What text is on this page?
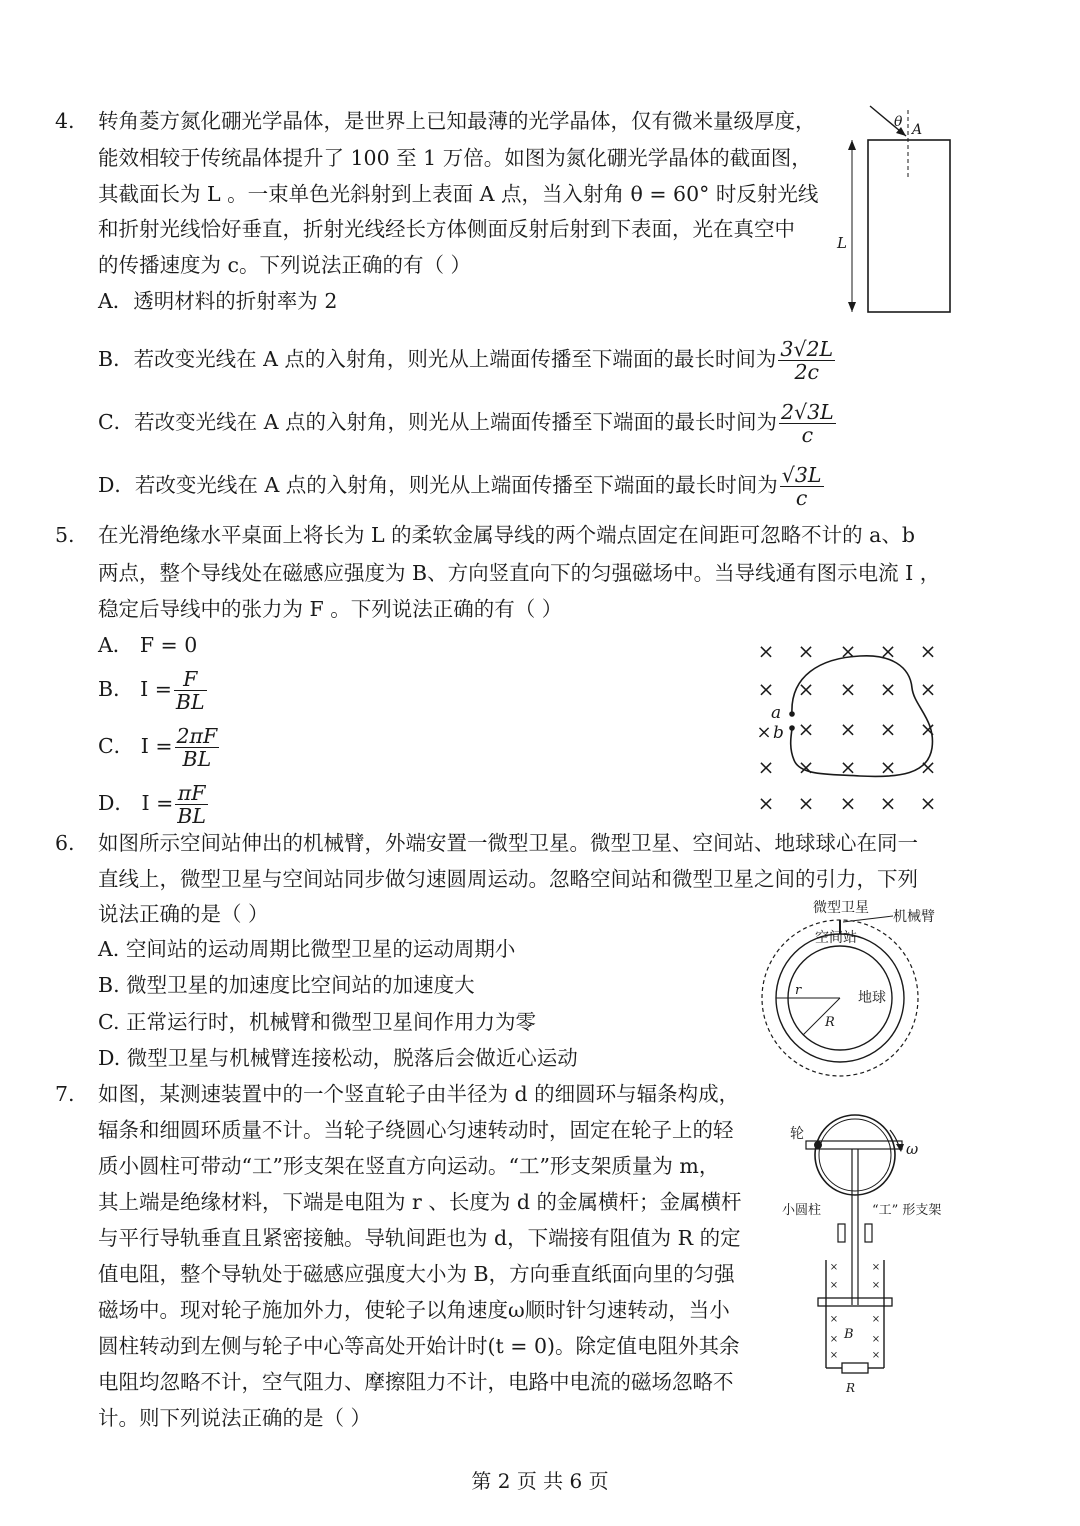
4. 转角菱方氮化硼光学晶体，是世界上已知最薄的光学晶体，仅有微米量级厚度，
能效相较于传统晶体提升了 100 至 1 万倍。如图为氮化硼光学晶体的截面图，
其截面长为 L 。一束单色光斜射到上表面 A 点，当入射角 θ = 60° 时反射光线
和折射光线恰好垂直，折射光线经长方体侧面反射后射到下表面，光在真空中
的传播速度为 c。下列说法正确的有（ ）
A．透明材料的折射率为 2
B．若改变光线在 A 点的入射角，则光从上端面传播至下端面的最长时间为 $\frac{3√2L}{2c}$
C．若改变光线在 A 点的入射角，则光从上端面传播至下端面的最长时间为 $\frac{2√3L}{c}$
D．若改变光线在 A 点的入射角，则光从上端面传播至下端面的最长时间为 $\frac{√3L}{c}$
θ A
L
5. 在光滑绝缘水平桌面上将长为 L 的柔软金属导线的两个端点固定在间距可忽略不计的 a、b
两点，整个导线处在磁感应强度为 B、方向竖直向下的匀强磁场中。当导线通有图示电流 I ，
稳定后导线中的张力为 F 。下列说法正确的有（ ）
A． F = 0
B． $I = \frac{F}{BL}$
C． $I = \frac{2\pi F}{BL}$
D． $I = \frac{\pi F}{BL}$
× × × × ×
× × × × ×
× × × ×
× × × × ×
× × × × ×
×
a
b
6. 如图所示空间站伸出的机械臂，外端安置一微型卫星。微型卫星、空间站、地球球心在同一
直线上，微型卫星与空间站同步做匀速圆周运动。忽略空间站和微型卫星之间的引力，下列
说法正确的是（ ）
A. 空间站的运动周期比微型卫星的运动周期小
B. 微型卫星的加速度比空间站的加速度大
C. 正常运行时，机械臂和微型卫星间作用力为零
D. 微型卫星与机械臂连接松动，脱落后会做近心运动
微型卫星
机械臂
空间站
地球
r
R
7. 如图，某测速装置中的一个竖直轮子由半径为 d 的细圆环与辐条构成，
辐条和细圆环质量不计。当轮子绕圆心匀速转动时，固定在轮子上的轻
质小圆柱可带动“工”形支架在竖直方向运动。“工”形支架质量为 m，
其上端是绝缘材料，下端是电阻为 r 、长度为 d 的金属横杆；金属横杆
与平行导轨垂直且紧密接触。导轨间距也为 d，下端接有阻值为 R 的定
值电阻，整个导轨处于磁感应强度大小为 B，方向垂直纸面向里的匀强
磁场中。现对轮子施加外力，使轮子以角速度ω顺时针匀速转动，当小
圆柱转动到左侧与轮子中心等高处开始计时(t = 0)。除定值电阻外其余
电阻均忽略不计，空气阻力、摩擦阻力不计，电路中电流的磁场忽略不
计。则下列说法正确的是（ ）
轮
ω
小圆柱	“工” 形支架
B
R
×	×
×	×
×	×
×	×
×	×
第 2 页 共 6 页
